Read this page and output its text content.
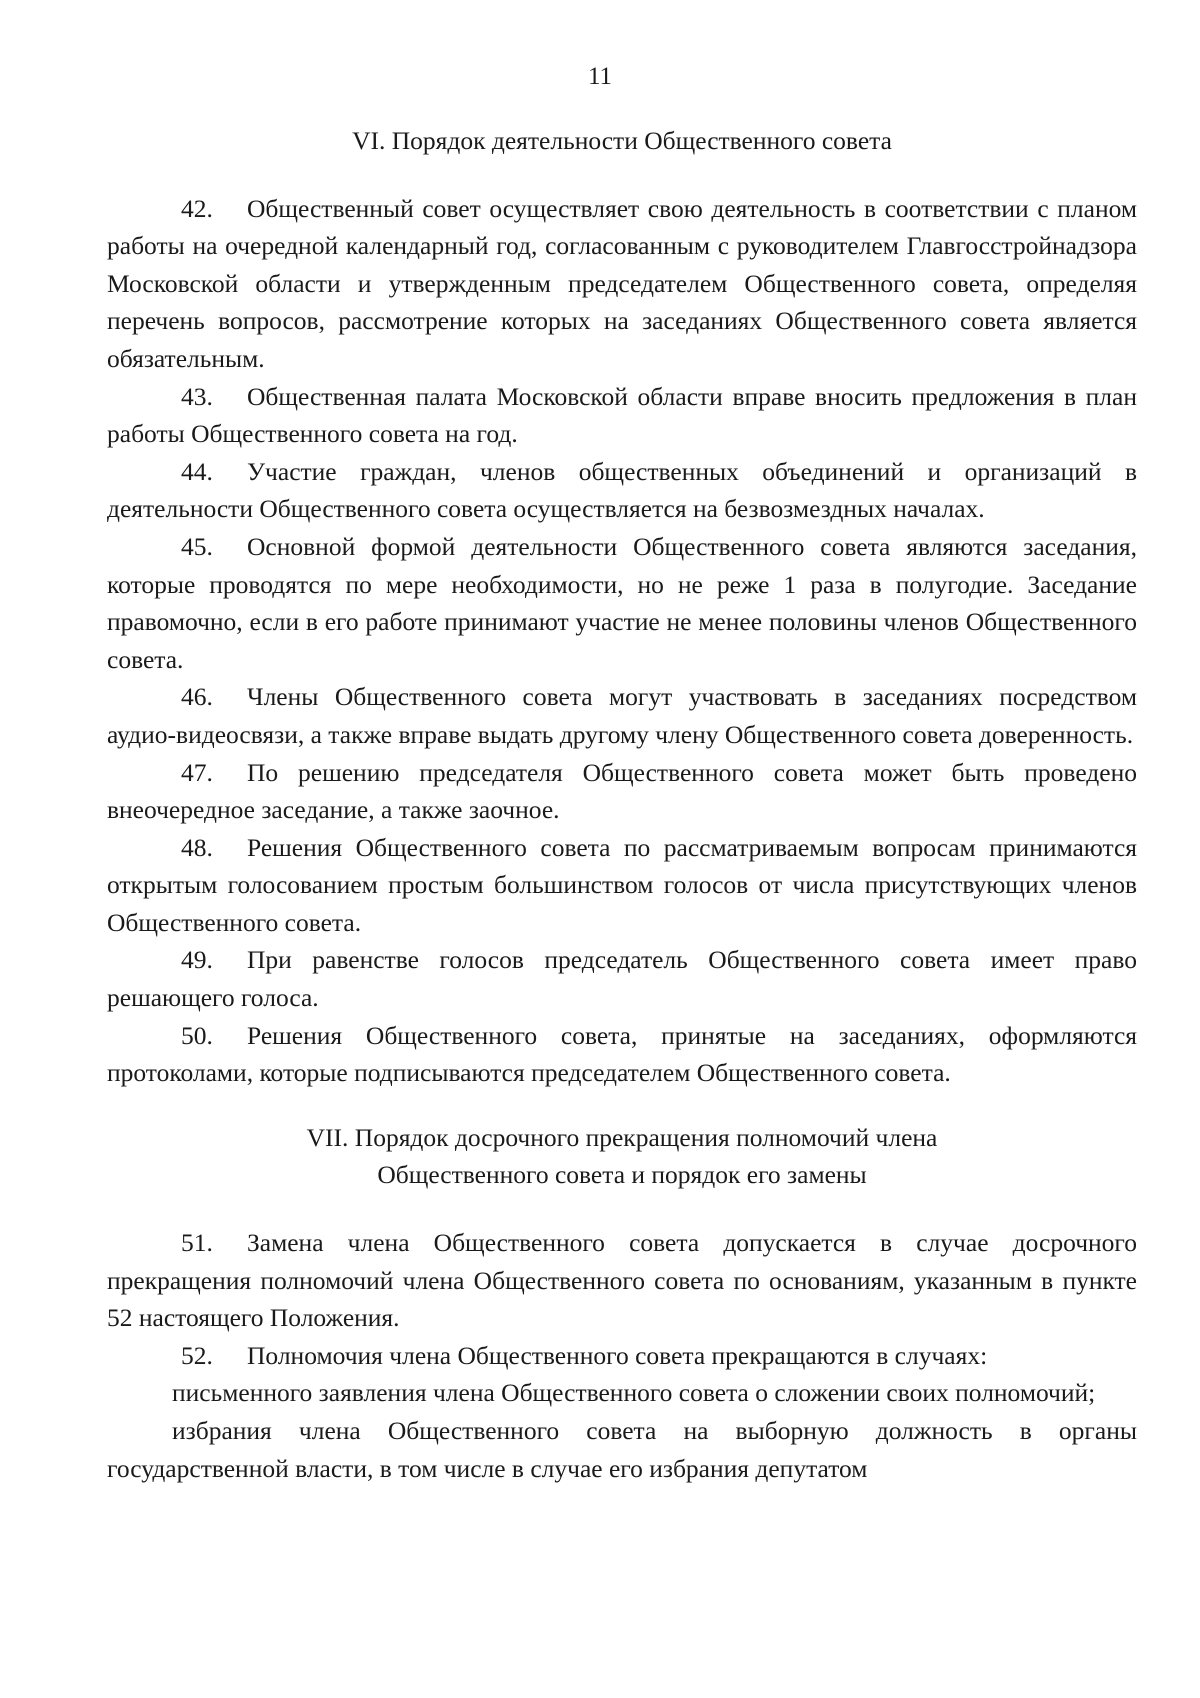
11
VI. Порядок деятельности Общественного совета

42. Общественный совет осуществляет свою деятельность в соответствии с планом работы на очередной календарный год, согласованным с руководителем Главгосстройнадзора Московской области и утвержденным председателем Общественного совета, определяя перечень вопросов, рассмотрение которых на заседаниях Общественного совета является обязательным.

43. Общественная палата Московской области вправе вносить предложения в план работы Общественного совета на год.

44. Участие граждан, членов общественных объединений и организаций в деятельности Общественного совета осуществляется на безвозмездных началах.

45. Основной формой деятельности Общественного совета являются заседания, которые проводятся по мере необходимости, но не реже 1 раза в полугодие. Заседание правомочно, если в его работе принимают участие не менее половины членов Общественного совета.

46. Члены Общественного совета могут участвовать в заседаниях посредством аудио-видеосвязи, а также вправе выдать другому члену Общественного совета доверенность.

47. По решению председателя Общественного совета может быть проведено внеочередное заседание, а также заочное.

48. Решения Общественного совета по рассматриваемым вопросам принимаются открытым голосованием простым большинством голосов от числа присутствующих членов Общественного совета.

49. При равенстве голосов председатель Общественного совета имеет право решающего голоса.

50. Решения Общественного совета, принятые на заседаниях, оформляются протоколами, которые подписываются председателем Общественного совета.

VII. Порядок досрочного прекращения полномочий члена
Общественного совета и порядок его замены

51. Замена члена Общественного совета допускается в случае досрочного прекращения полномочий члена Общественного совета по основаниям, указанным в пункте 52 настоящего Положения.

52. Полномочия члена Общественного совета прекращаются в случаях:

письменного заявления члена Общественного совета о сложении своих полномочий;

избрания члена Общественного совета на выборную должность в органы государственной власти, в том числе в случае его избрания депутатом
